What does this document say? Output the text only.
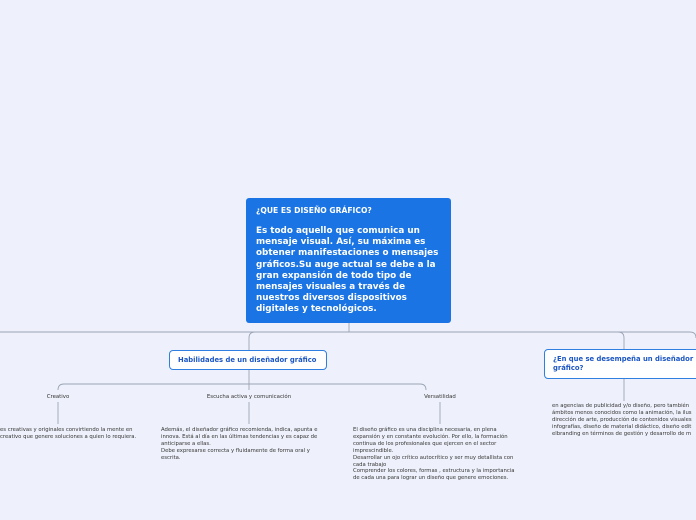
¿QUE ES DISEÑO GRÁFICO?
Es todo aquello que comunica un mensaje visual. Así, su máxima es obtener manifestaciones o mensajes gráficos.Su auge actual se debe a la gran expansión de todo tipo de mensajes visuales a través de nuestros diversos dispositivos digitales y tecnológicos.
Habilidades de un diseñador gráfico	¿En que se desempeña un diseñador gráfico?
Creativo	Escucha activa y comunicación	Versatilidad
es creativas y originales convirtiendo la mente en
creativo que genere soluciones a quien lo requiera.
Además, el diseñador gráfico recomienda, indica, apunta e
innova. Está al día en las últimas tendencias y es capaz de
anticiparse a ellas.
Debe expresarse correcta y fluidamente de forma oral y
escrita.
El diseño gráfico es una disciplina necesaria, en plena
expansión y en constante evolución. Por ello, la formación
continua de los profesionales que ejercen en el sector
imprescindible.
Desarrollar un ojo crítico autocrítico y ser muy detallista con
cada trabajo
Comprender los colores, formas , estructura y la importancia
de cada una para lograr un diseño que genere emociones.
en agencias de publicidad y/o diseño, pero también
ámbitos menos conocidos como la animación, la ilus
dirección de arte, producción de contenidos visuales
infografías, diseño de material didáctico, diseño edit
elbranding en términos de gestión y desarrollo de m
